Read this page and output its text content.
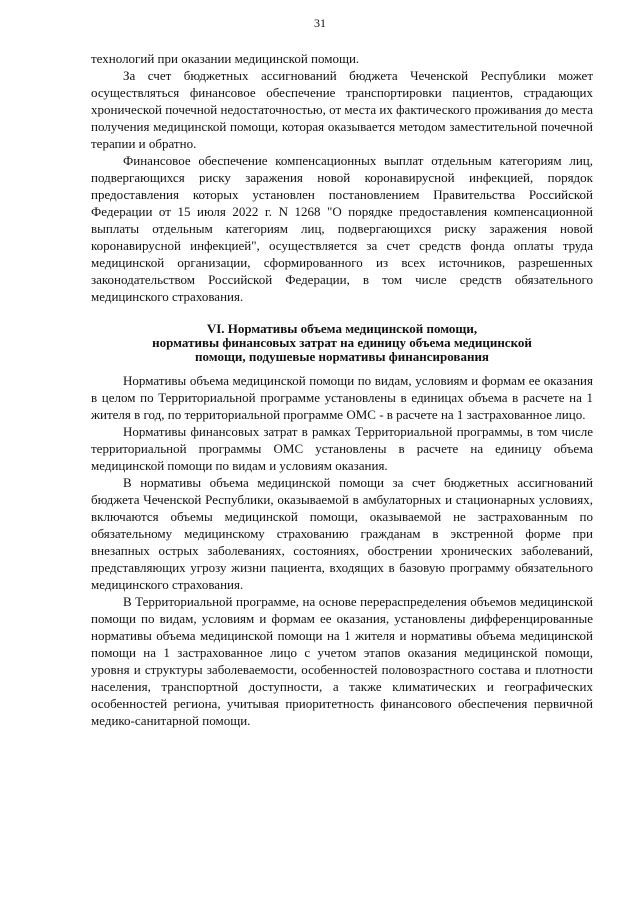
31

технологий при оказании медицинской помощи.

За счет бюджетных ассигнований бюджета Чеченской Республики может осуществляться финансовое обеспечение транспортировки пациентов, страдающих хронической почечной недостаточностью, от места их фактического проживания до места получения медицинской помощи, которая оказывается методом заместительной почечной терапии и обратно.

Финансовое обеспечение компенсационных выплат отдельным категориям лиц, подвергающихся риску заражения новой коронавирусной инфекцией, порядок предоставления которых установлен постановлением Правительства Российской Федерации от 15 июля 2022 г. N 1268 "О порядке предоставления компенсационной выплаты отдельным категориям лиц, подвергающихся риску заражения новой коронавирусной инфекцией", осуществляется за счет средств фонда оплаты труда медицинской организации, сформированного из всех источников, разрешенных законодательством Российской Федерации, в том числе средств обязательного медицинского страхования.

VI. Нормативы объема медицинской помощи,
нормативы финансовых затрат на единицу объема медицинской
помощи, подушевые нормативы финансирования

Нормативы объема медицинской помощи по видам, условиям и формам ее оказания в целом по Территориальной программе установлены в единицах объема в расчете на 1 жителя в год, по территориальной программе ОМС - в расчете на 1 застрахованное лицо.

Нормативы финансовых затрат в рамках Территориальной программы, в том числе территориальной программы ОМС установлены в расчете на единицу объема медицинской помощи по видам и условиям оказания.

В нормативы объема медицинской помощи за счет бюджетных ассигнований бюджета Чеченской Республики, оказываемой в амбулаторных и стационарных условиях, включаются объемы медицинской помощи, оказываемой не застрахованным по обязательному медицинскому страхованию гражданам в экстренной форме при внезапных острых заболеваниях, состояниях, обострении хронических заболеваний, представляющих угрозу жизни пациента, входящих в базовую программу обязательного медицинского страхования.

В Территориальной программе, на основе перераспределения объемов медицинской помощи по видам, условиям и формам ее оказания, установлены дифференцированные нормативы объема медицинской помощи на 1 жителя и нормативы объема медицинской помощи на 1 застрахованное лицо с учетом этапов оказания медицинской помощи, уровня и структуры заболеваемости, особенностей половозрастного состава и плотности населения, транспортной доступности, а также климатических и географических особенностей региона, учитывая приоритетность финансового обеспечения первичной медико-санитарной помощи.
